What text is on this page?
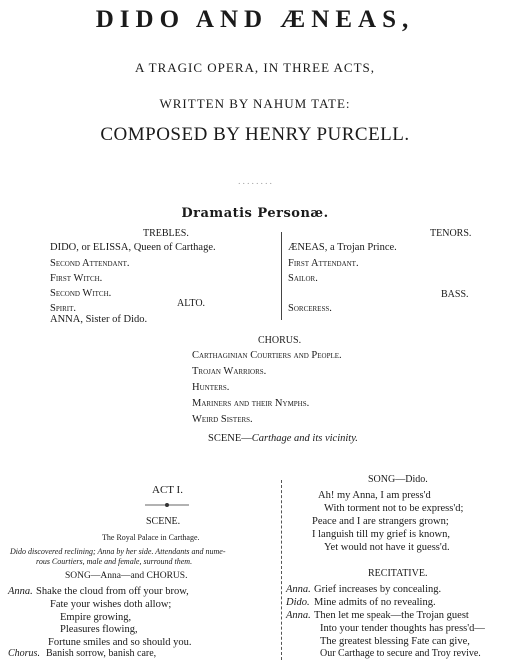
DIDO AND ÆNEAS,
A TRAGIC OPERA, IN THREE ACTS,
WRITTEN BY NAHUM TATE:
COMPOSED BY HENRY PURCELL.
. . . . . . . .
Dramatis Personæ.
TREBLES.
DIDO, or ELISSA, Queen of Carthage.
Second Attendant.
First Witch.
Second Witch.
Spirit.	ALTO.
ANNA, Sister of Dido.
TENORS.
ÆNEAS, a Trojan Prince.
First Attendant.
Sailor.
BASS.
Sorceress.
CHORUS.
Carthaginian Courtiers and People.
Trojan Warriors.
Hunters.
Mariners and their Nymphs.
Weird Sisters.
SCENE—Carthage and its vicinity.
ACT I.
SCENE.
The Royal Palace in Carthage.
Dido discovered reclining; Anna by her side. Attendants and nume-
rous Courtiers, male and female, surround them.
SONG—Anna—and CHORUS.
Anna. Shake the cloud from off your brow,
Fate your wishes doth allow;
Empire growing,
Pleasures flowing,
Fortune smiles and so should you.
Chorus. Banish sorrow, banish care,
SONG—Dido.
Ah! my Anna, I am press'd
With torment not to be express'd;
Peace and I are strangers grown;
I languish till my grief is known,
Yet would not have it guess'd.
RECITATIVE.
Anna. Grief increases by concealing.
Dido. Mine admits of no revealing.
Anna. Then let me speak—the Trojan guest
Into your tender thoughts has press'd—
The greatest blessing Fate can give,
Our Carthage to secure and Troy revive.
